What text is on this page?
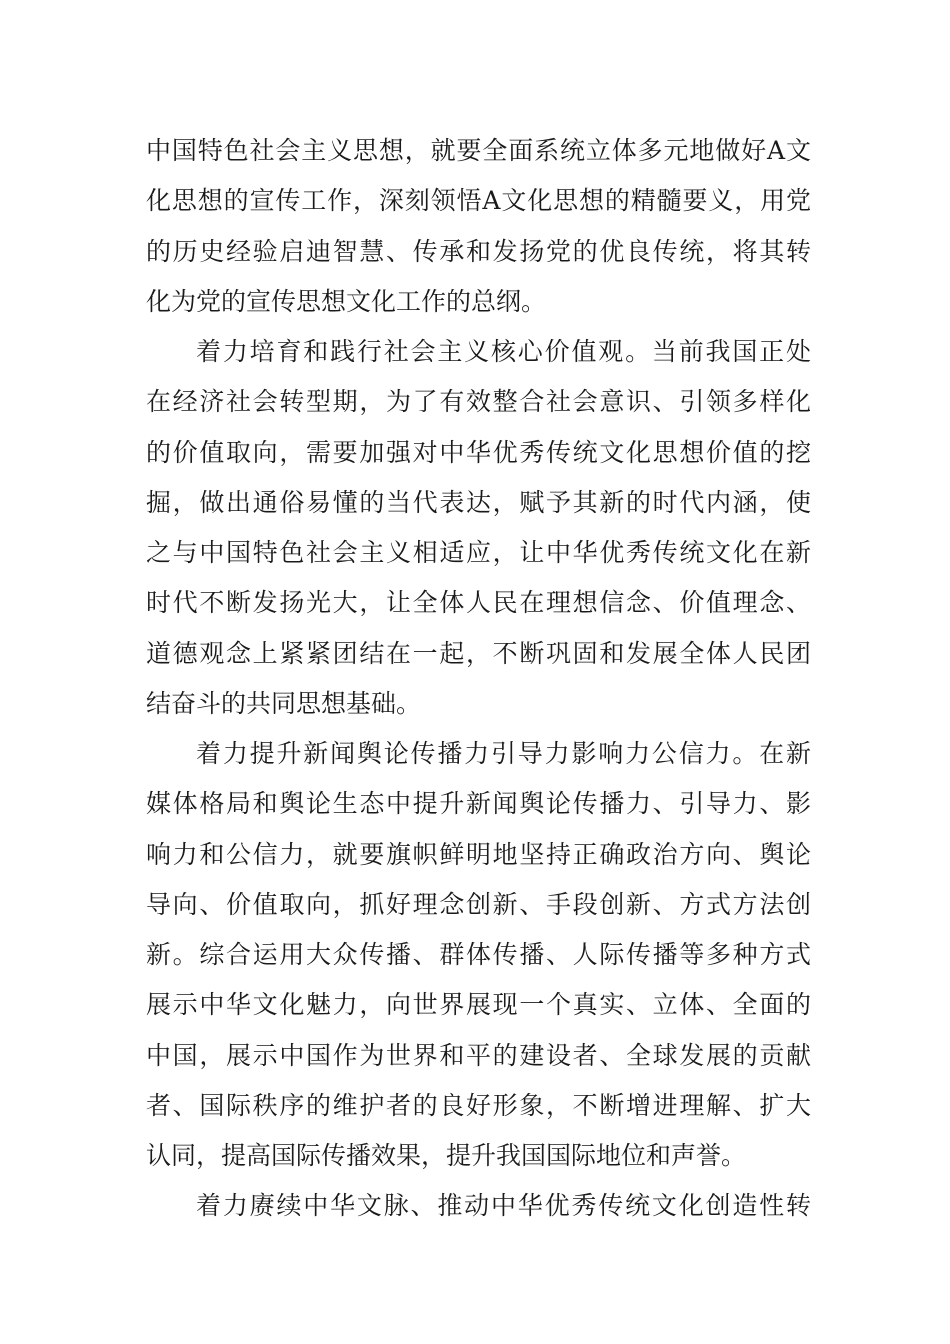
中国特色社会主义思想，就要全面系统立体多元地做好A文
化思想的宣传工作，深刻领悟A文化思想的精髓要义，用党
的历史经验启迪智慧、传承和发扬党的优良传统，将其转
化为党的宣传思想文化工作的总纲。
着力培育和践行社会主义核心价值观。当前我国正处
在经济社会转型期，为了有效整合社会意识、引领多样化
的价值取向，需要加强对中华优秀传统文化思想价值的挖
掘，做出通俗易懂的当代表达，赋予其新的时代内涵，使
之与中国特色社会主义相适应，让中华优秀传统文化在新
时代不断发扬光大，让全体人民在理想信念、价值理念、
道德观念上紧紧团结在一起，不断巩固和发展全体人民团
结奋斗的共同思想基础。
着力提升新闻舆论传播力引导力影响力公信力。在新
媒体格局和舆论生态中提升新闻舆论传播力、引导力、影
响力和公信力，就要旗帜鲜明地坚持正确政治方向、舆论
导向、价值取向，抓好理念创新、手段创新、方式方法创
新。综合运用大众传播、群体传播、人际传播等多种方式
展示中华文化魅力，向世界展现一个真实、立体、全面的
中国，展示中国作为世界和平的建设者、全球发展的贡献
者、国际秩序的维护者的良好形象，不断增进理解、扩大
认同，提高国际传播效果，提升我国国际地位和声誉。
着力赓续中华文脉、推动中华优秀传统文化创造性转
